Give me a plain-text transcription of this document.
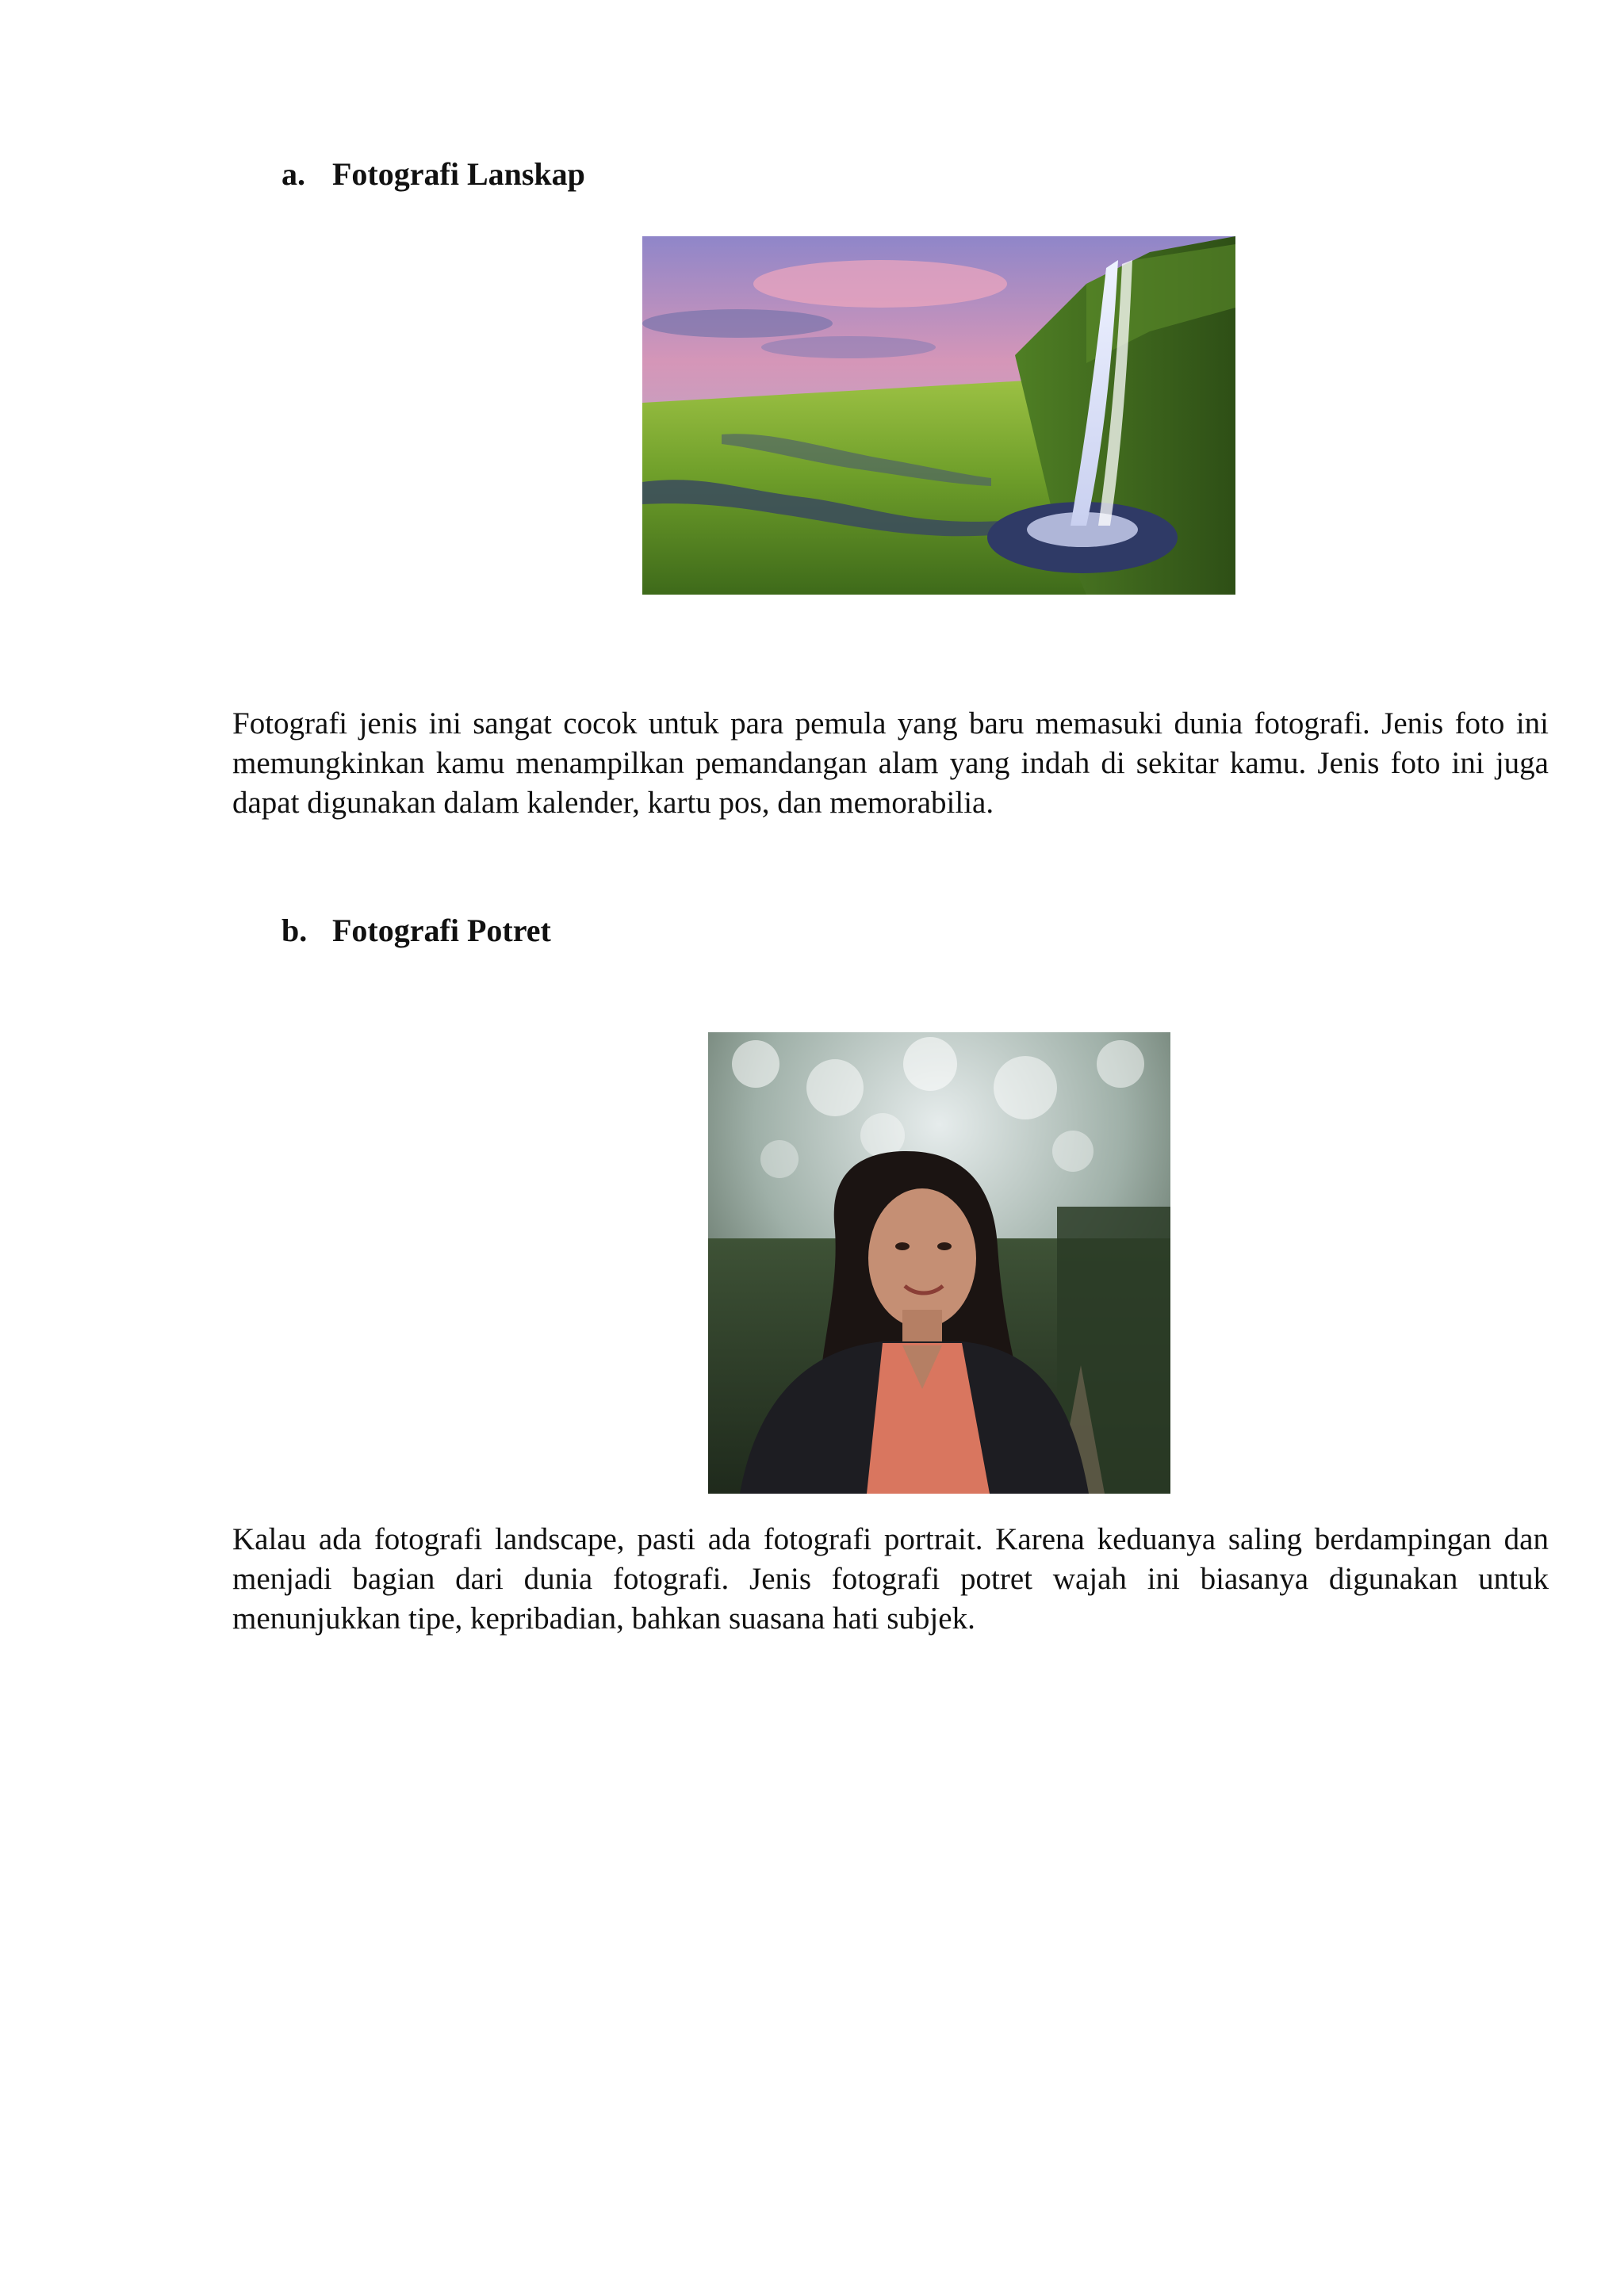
a. Fotografi Lanskap

Fotografi jenis ini sangat cocok untuk para pemula yang baru memasuki dunia fotografi. Jenis foto ini memungkinkan kamu menampilkan pemandangan alam yang indah di sekitar kamu. Jenis foto ini juga dapat digunakan dalam kalender, kartu pos, dan memorabilia.

b. Fotografi Potret

Kalau ada fotografi landscape, pasti ada fotografi portrait. Karena keduanya saling berdampingan dan menjadi bagian dari dunia fotografi. Jenis fotografi potret wajah ini biasanya digunakan untuk menunjukkan tipe, kepribadian, bahkan suasana hati subjek.
